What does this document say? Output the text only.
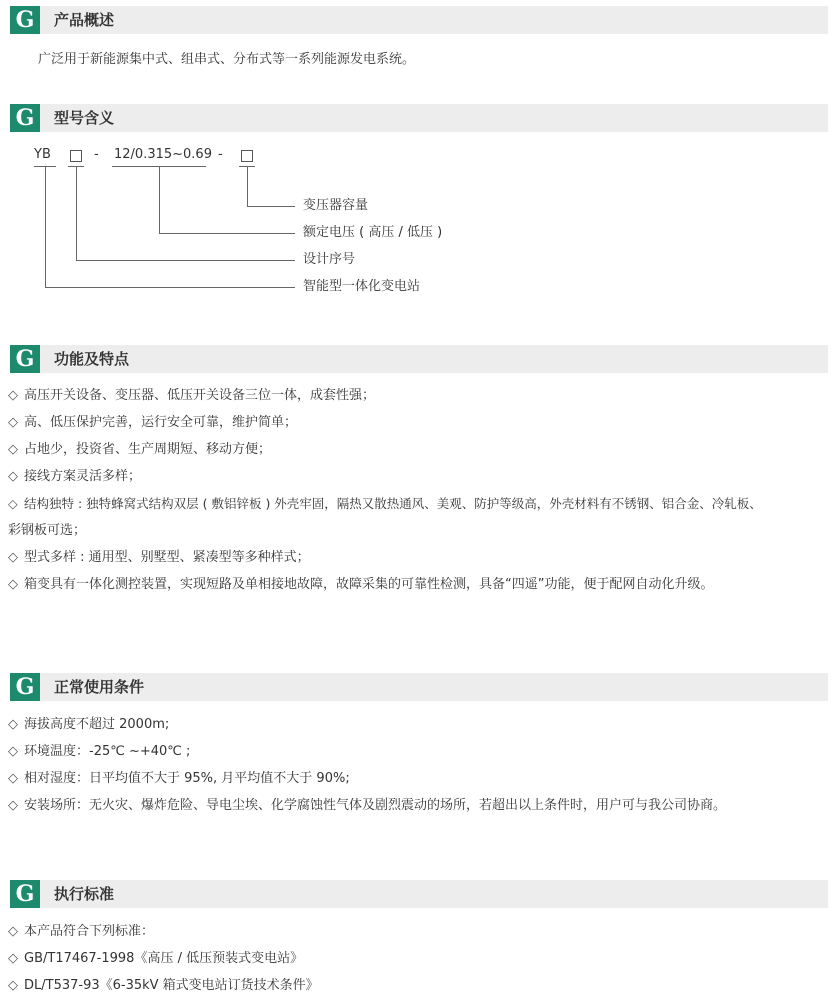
G	产品概述
广泛用于新能源集中式、组串式、分布式等一系列能源发电系统。
G	型号含义
YB	- 12/0.315~0.69 -
变压器容量
额定电压 ( 高压 / 低压 )
设计序号
智能型一体化变电站
G	功能及特点
◇ 高压开关设备、变压器、低压开关设备三位一体，成套性强；
◇ 高、低压保护完善，运行安全可靠，维护简单；
◇ 占地少，投资省、生产周期短、移动方便；
◇ 接线方案灵活多样；
◇ 结构独特 : 独特蜂窝式结构双层 ( 敷铝锌板 ) 外壳牢固，隔热又散热通风、美观、防护等级高，外壳材料有不锈钢、铝合金、冷轧板、
彩钢板可选；
◇ 型式多样 : 通用型、别墅型、紧凑型等多种样式；
◇ 箱变具有一体化测控装置，实现短路及单相接地故障，故障采集的可靠性检测，具备“四遥”功能，便于配网自动化升级。
G	正常使用条件
◇ 海拔高度不超过 2000m;
◇ 环境温度：-25℃ ~+40℃ ;
◇ 相对湿度：日平均值不大于 95%, 月平均值不大于 90%;
◇ 安装场所：无火灾、爆炸危险、导电尘埃、化学腐蚀性气体及剧烈震动的场所，若超出以上条件时，用户可与我公司协商。
G	执行标准
◇ 本产品符合下列标准：
◇ GB/T17467-1998《高压 / 低压预装式变电站》
◇ DL/T537-93《6-35kV 箱式变电站订货技术条件》
